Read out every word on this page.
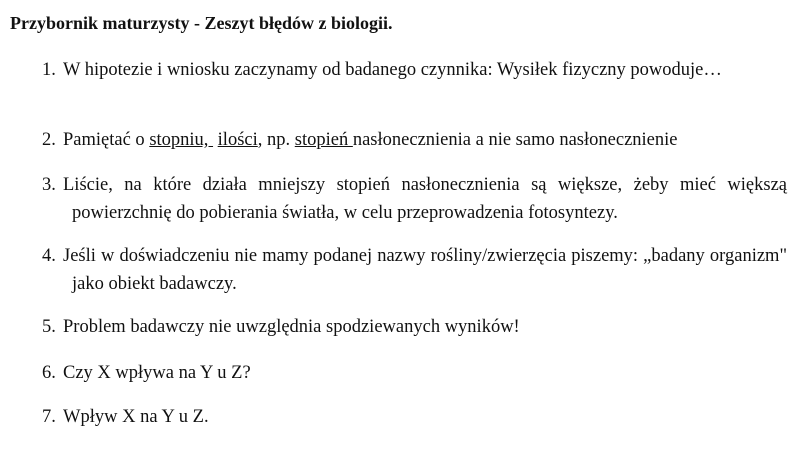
Przybornik maturzysty - Zeszyt błędów z biologii.
1. W hipotezie i wniosku zaczynamy od badanego czynnika: Wysiłek fizyczny powoduje…
2. Pamiętać o stopniu,  ilości, np. stopień nasłonecznienia a nie samo nasłonecznienie
3. Liście, na które działa mniejszy stopień nasłonecznienia są większe, żeby mieć większą powierzchnię do pobierania światła, w celu przeprowadzenia fotosyntezy.
4. Jeśli w doświadczeniu nie mamy podanej nazwy rośliny/zwierzęcia piszemy: „badany organizm" jako obiekt badawczy.
5. Problem badawczy nie uwzględnia spodziewanych wyników!
6. Czy X wpływa na Y u Z?
7. Wpływ X na Y u Z.
